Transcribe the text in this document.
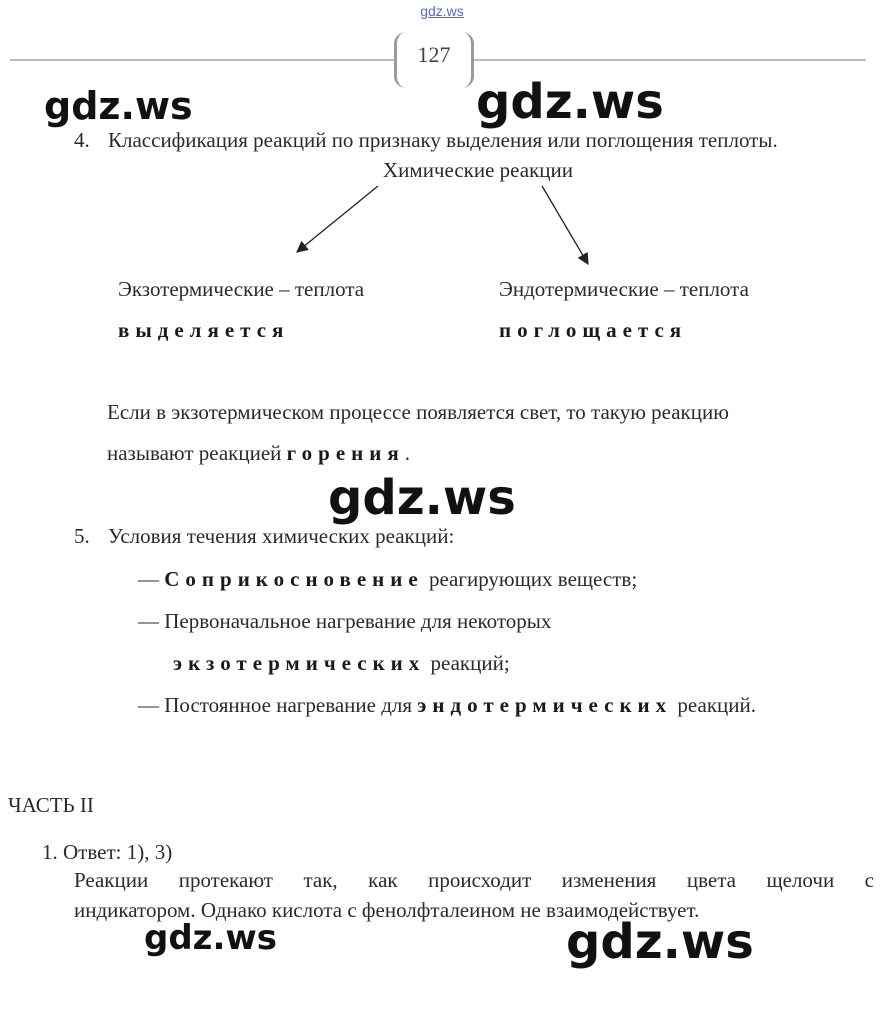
gdz.ws
127
gdz.ws	gdz.ws
4. Классификация реакций по признаку выделения или поглощения теплоты.
Химические реакции
Экзотермические – теплота
выделяется
Эндотермические – теплота
поглощается
Если в экзотермическом процессе появляется свет, то такую реакцию
называют реакцией горения.
gdz.ws
5. Условия течения химических реакций:
— Соприкосновение реагирующих веществ;
— Первоначальное нагревание для некоторых
экзотермических реакций;
— Постоянное нагревание для эндотермических реакций.
ЧАСТЬ II
1. Ответ: 1), 3)
Реакции протекают так, как происходит изменения цвета щелочи с
индикатором. Однако кислота с фенолфталеином не взаимодействует.
gdz.ws	gdz.ws
